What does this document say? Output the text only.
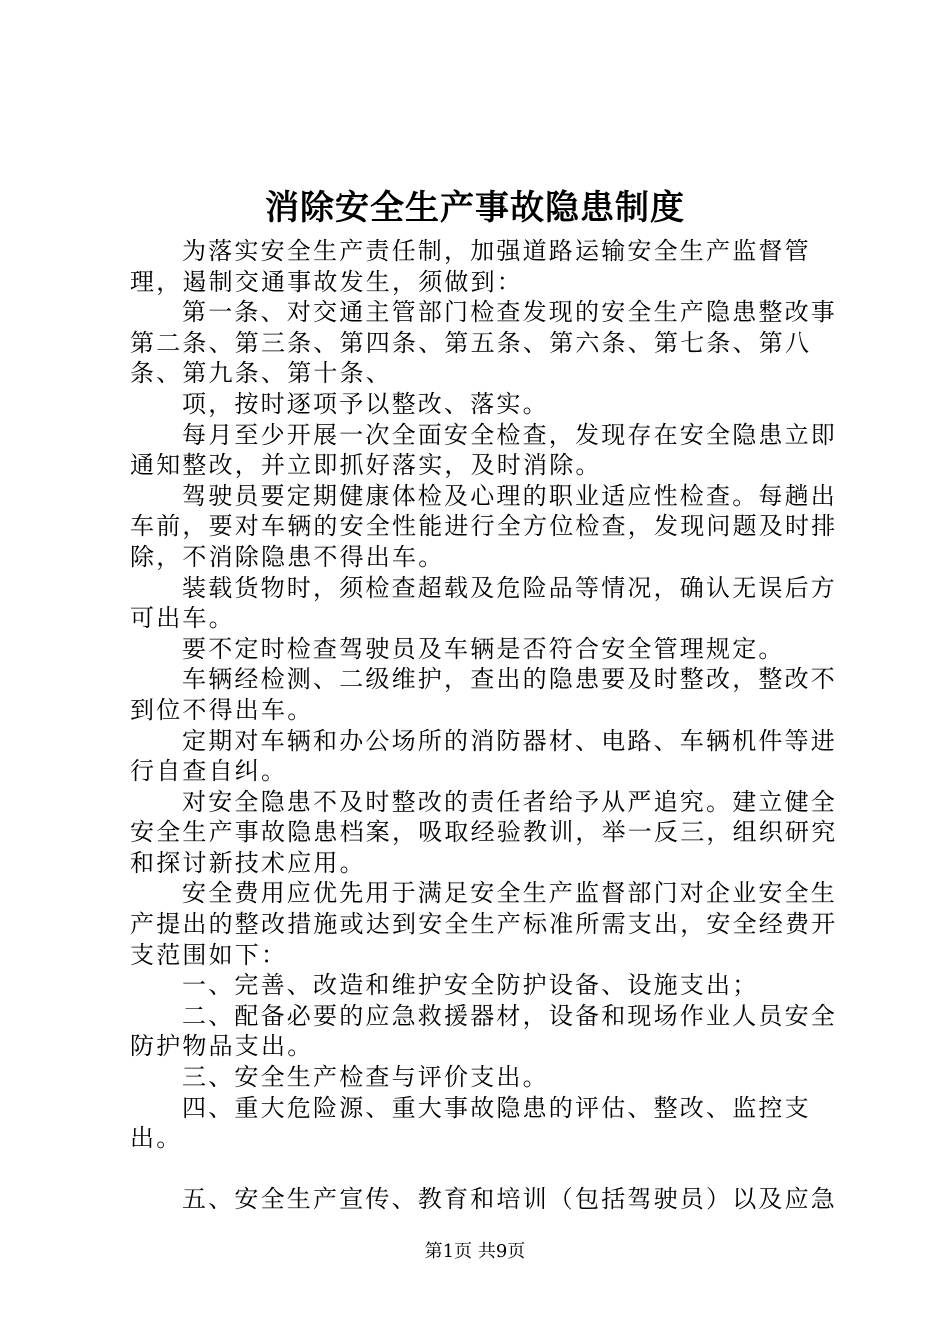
消除安全生产事故隐患制度

为落实安全生产责任制，加强道路运输安全生产监督管理，遏制交通事故发生，须做到：

第一条、对交通主管部门检查发现的安全生产隐患整改事

第二条、第三条、第四条、第五条、第六条、第七条、第八条、第九条、第十条、

项，按时逐项予以整改、落实。

每月至少开展一次全面安全检查，发现存在安全隐患立即通知整改，并立即抓好落实，及时消除。

驾驶员要定期健康体检及心理的职业适应性检查。每趟出车前，要对车辆的安全性能进行全方位检查，发现问题及时排除，不消除隐患不得出车。

装载货物时，须检查超载及危险品等情况，确认无误后方可出车。

要不定时检查驾驶员及车辆是否符合安全管理规定。

车辆经检测、二级维护，查出的隐患要及时整改，整改不到位不得出车。

定期对车辆和办公场所的消防器材、电路、车辆机件等进行自查自纠。

对安全隐患不及时整改的责任者给予从严追究。建立健全安全生产事故隐患档案，吸取经验教训，举一反三，组织研究和探讨新技术应用。

安全费用应优先用于满足安全生产监督部门对企业安全生产提出的整改措施或达到安全生产标准所需支出，安全经费开支范围如下：

一、完善、改造和维护安全防护设备、设施支出；

二、配备必要的应急救援器材，设备和现场作业人员安全防护物品支出。

三、安全生产检查与评价支出。

四、重大危险源、重大事故隐患的评估、整改、监控支出。

五、安全生产宣传、教育和培训（包括驾驶员）以及应急

第1页 共9页
